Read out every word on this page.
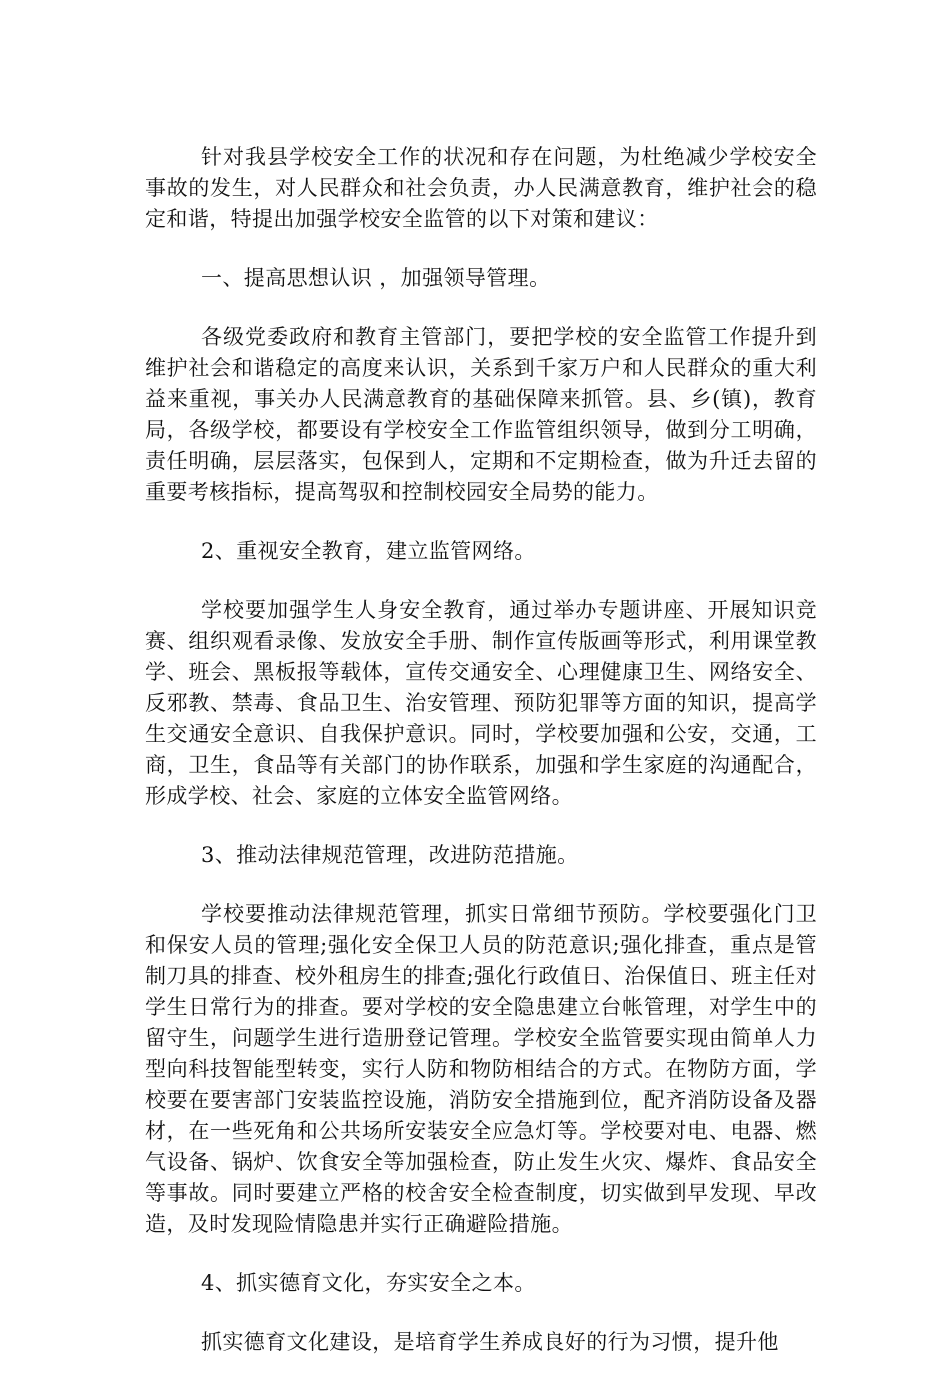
针对我县学校安全工作的状况和存在问题，为杜绝减少学校安全事故的发生，对人民群众和社会负责，办人民满意教育，维护社会的稳定和谐，特提出加强学校安全监管的以下对策和建议：

一、提高思想认识 ，加强领导管理。

各级党委政府和教育主管部门，要把学校的安全监管工作提升到维护社会和谐稳定的高度来认识，关系到千家万户和人民群众的重大利益来重视，事关办人民满意教育的基础保障来抓管。县、乡(镇)，教育局，各级学校，都要设有学校安全工作监管组织领导，做到分工明确，责任明确，层层落实，包保到人，定期和不定期检查，做为升迁去留的重要考核指标，提高驾驭和控制校园安全局势的能力。

2、重视安全教育，建立监管网络。

学校要加强学生人身安全教育，通过举办专题讲座、开展知识竞赛、组织观看录像、发放安全手册、制作宣传版画等形式，利用课堂教学、班会、黑板报等载体，宣传交通安全、心理健康卫生、网络安全、反邪教、禁毒、食品卫生、治安管理、预防犯罪等方面的知识，提高学生交通安全意识、自我保护意识。同时，学校要加强和公安，交通，工商，卫生，食品等有关部门的协作联系，加强和学生家庭的沟通配合，形成学校、社会、家庭的立体安全监管网络。

3、推动法律规范管理，改进防范措施。

学校要推动法律规范管理，抓实日常细节预防。学校要强化门卫和保安人员的管理;强化安全保卫人员的防范意识;强化排查，重点是管制刀具的排查、校外租房生的排查;强化行政值日、治保值日、班主任对学生日常行为的排查。要对学校的安全隐患建立台帐管理，对学生中的留守生，问题学生进行造册登记管理。学校安全监管要实现由简单人力型向科技智能型转变，实行人防和物防相结合的方式。在物防方面，学校要在要害部门安装监控设施，消防安全措施到位，配齐消防设备及器材，在一些死角和公共场所安装安全应急灯等。学校要对电、电器、燃气设备、锅炉、饮食安全等加强检查，防止发生火灾、爆炸、食品安全等事故。同时要建立严格的校舍安全检查制度，切实做到早发现、早改造，及时发现险情隐患并实行正确避险措施。

4、抓实德育文化，夯实安全之本。

抓实德育文化建设，是培育学生养成良好的行为习惯，提升他
